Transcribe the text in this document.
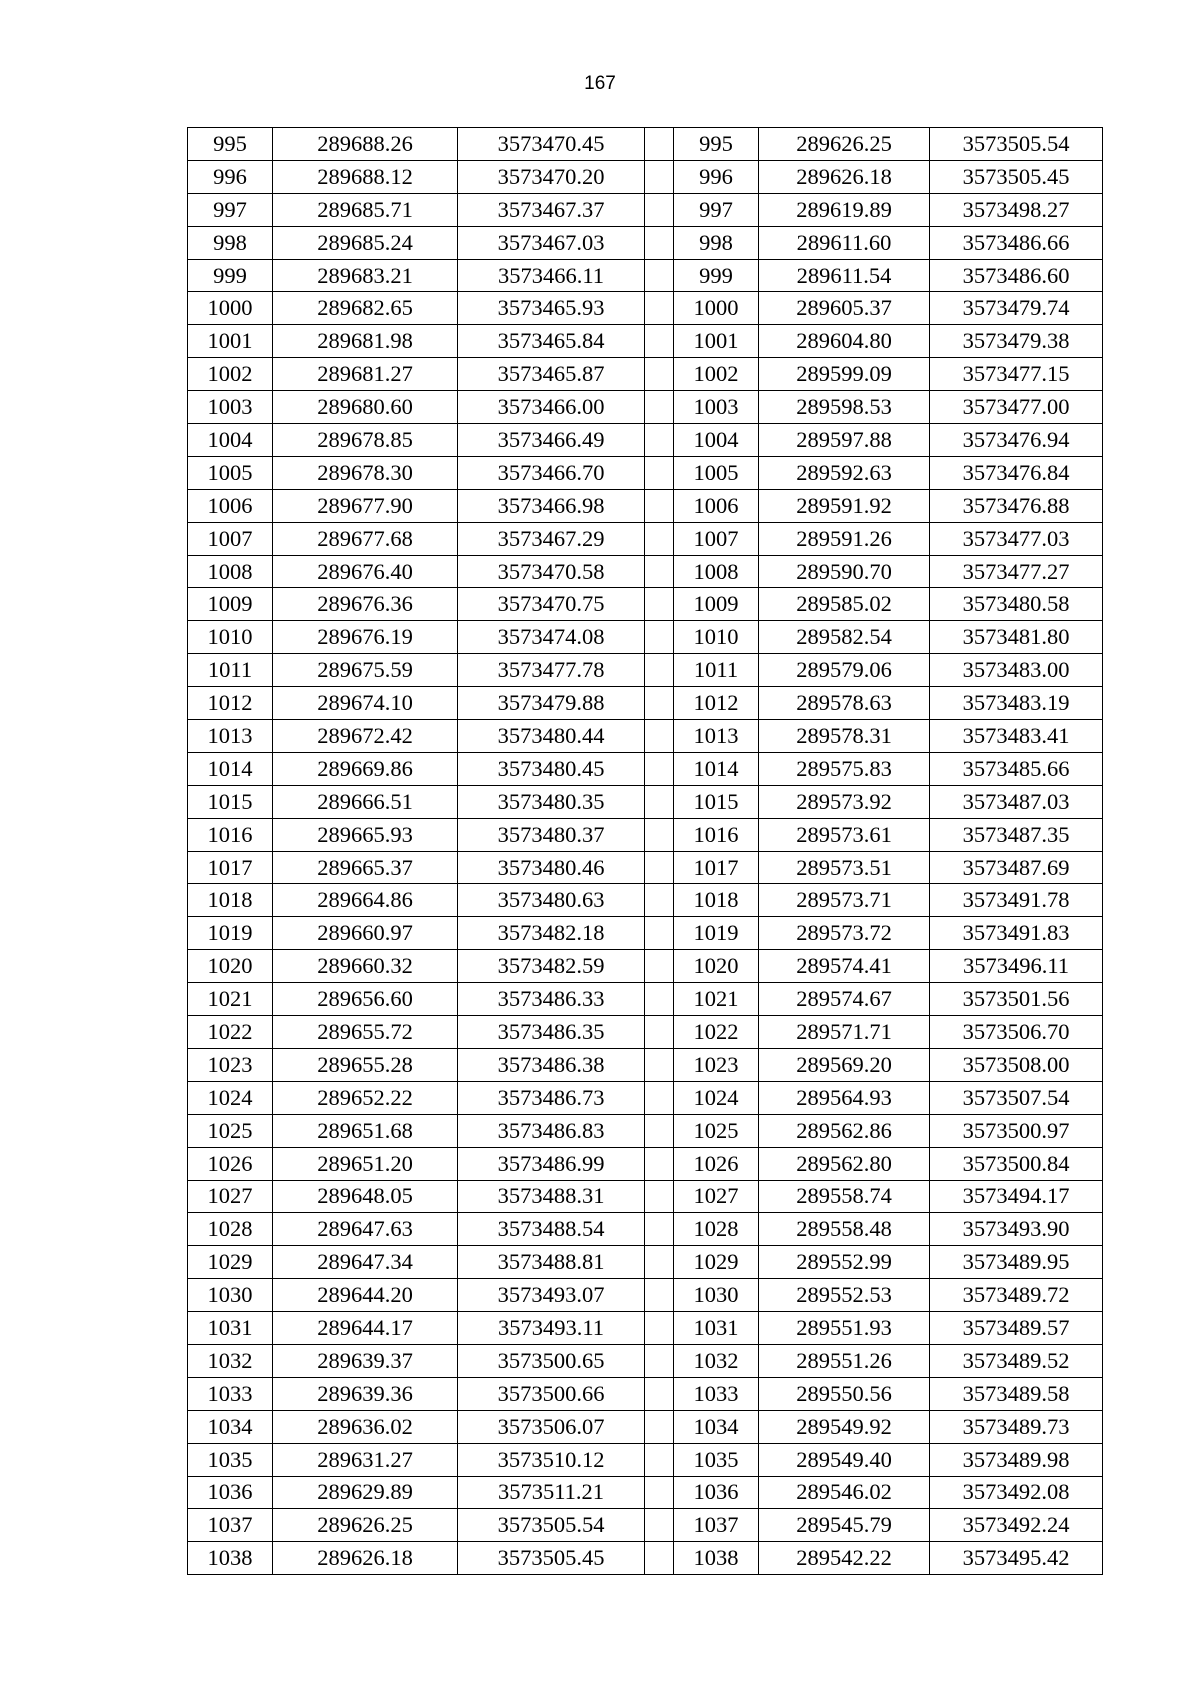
167
995	289688.26	3573470.45		995	289626.25	3573505.54
996	289688.12	3573470.20		996	289626.18	3573505.45
997	289685.71	3573467.37		997	289619.89	3573498.27
998	289685.24	3573467.03		998	289611.60	3573486.66
999	289683.21	3573466.11		999	289611.54	3573486.60
1000	289682.65	3573465.93		1000	289605.37	3573479.74
1001	289681.98	3573465.84		1001	289604.80	3573479.38
1002	289681.27	3573465.87		1002	289599.09	3573477.15
1003	289680.60	3573466.00		1003	289598.53	3573477.00
1004	289678.85	3573466.49		1004	289597.88	3573476.94
1005	289678.30	3573466.70		1005	289592.63	3573476.84
1006	289677.90	3573466.98		1006	289591.92	3573476.88
1007	289677.68	3573467.29		1007	289591.26	3573477.03
1008	289676.40	3573470.58		1008	289590.70	3573477.27
1009	289676.36	3573470.75		1009	289585.02	3573480.58
1010	289676.19	3573474.08		1010	289582.54	3573481.80
1011	289675.59	3573477.78		1011	289579.06	3573483.00
1012	289674.10	3573479.88		1012	289578.63	3573483.19
1013	289672.42	3573480.44		1013	289578.31	3573483.41
1014	289669.86	3573480.45		1014	289575.83	3573485.66
1015	289666.51	3573480.35		1015	289573.92	3573487.03
1016	289665.93	3573480.37		1016	289573.61	3573487.35
1017	289665.37	3573480.46		1017	289573.51	3573487.69
1018	289664.86	3573480.63		1018	289573.71	3573491.78
1019	289660.97	3573482.18		1019	289573.72	3573491.83
1020	289660.32	3573482.59		1020	289574.41	3573496.11
1021	289656.60	3573486.33		1021	289574.67	3573501.56
1022	289655.72	3573486.35		1022	289571.71	3573506.70
1023	289655.28	3573486.38		1023	289569.20	3573508.00
1024	289652.22	3573486.73		1024	289564.93	3573507.54
1025	289651.68	3573486.83		1025	289562.86	3573500.97
1026	289651.20	3573486.99		1026	289562.80	3573500.84
1027	289648.05	3573488.31		1027	289558.74	3573494.17
1028	289647.63	3573488.54		1028	289558.48	3573493.90
1029	289647.34	3573488.81		1029	289552.99	3573489.95
1030	289644.20	3573493.07		1030	289552.53	3573489.72
1031	289644.17	3573493.11		1031	289551.93	3573489.57
1032	289639.37	3573500.65		1032	289551.26	3573489.52
1033	289639.36	3573500.66		1033	289550.56	3573489.58
1034	289636.02	3573506.07		1034	289549.92	3573489.73
1035	289631.27	3573510.12		1035	289549.40	3573489.98
1036	289629.89	3573511.21		1036	289546.02	3573492.08
1037	289626.25	3573505.54		1037	289545.79	3573492.24
1038	289626.18	3573505.45		1038	289542.22	3573495.42
